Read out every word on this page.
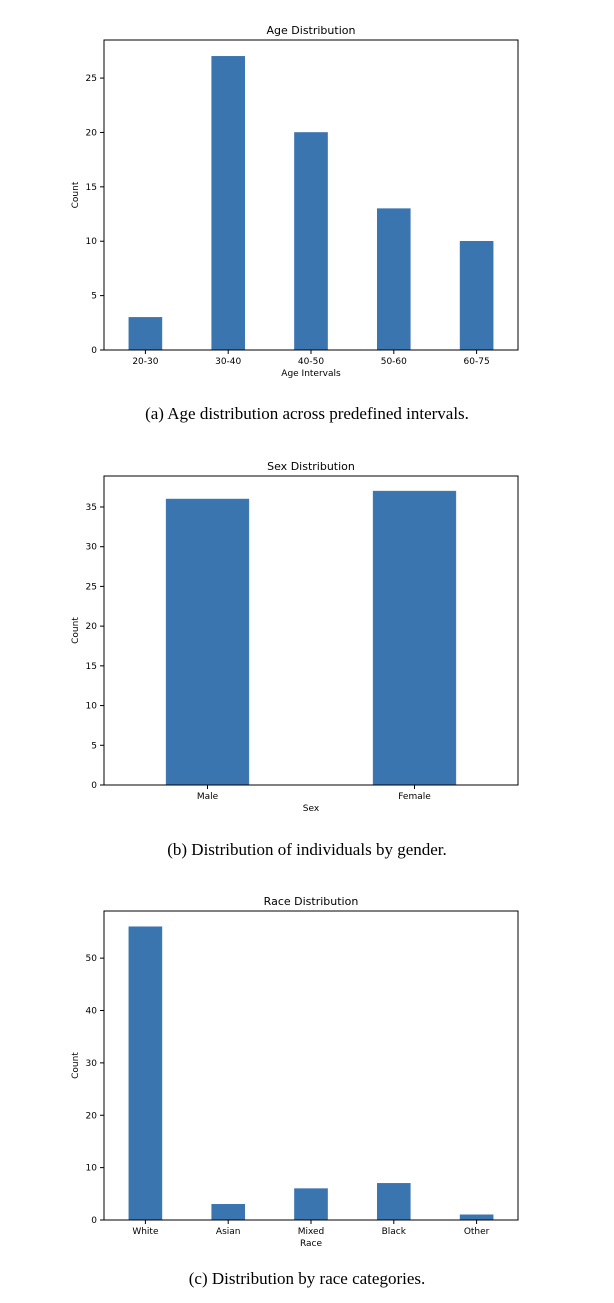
0
5
10
15
20
25
20-30	30-40	40-50	50-60	60-75
Age Distribution
Age Intervals
Count
(a) Age distribution across predefined intervals.
0
5
10
15
20
25
30
35
Male	Female
Sex Distribution
Sex
Count
(b) Distribution of individuals by gender.
0
10
20
30
40
50
White	Asian	Mixed	Black	Other
Race Distribution
Race
Count
(c) Distribution by race categories.
